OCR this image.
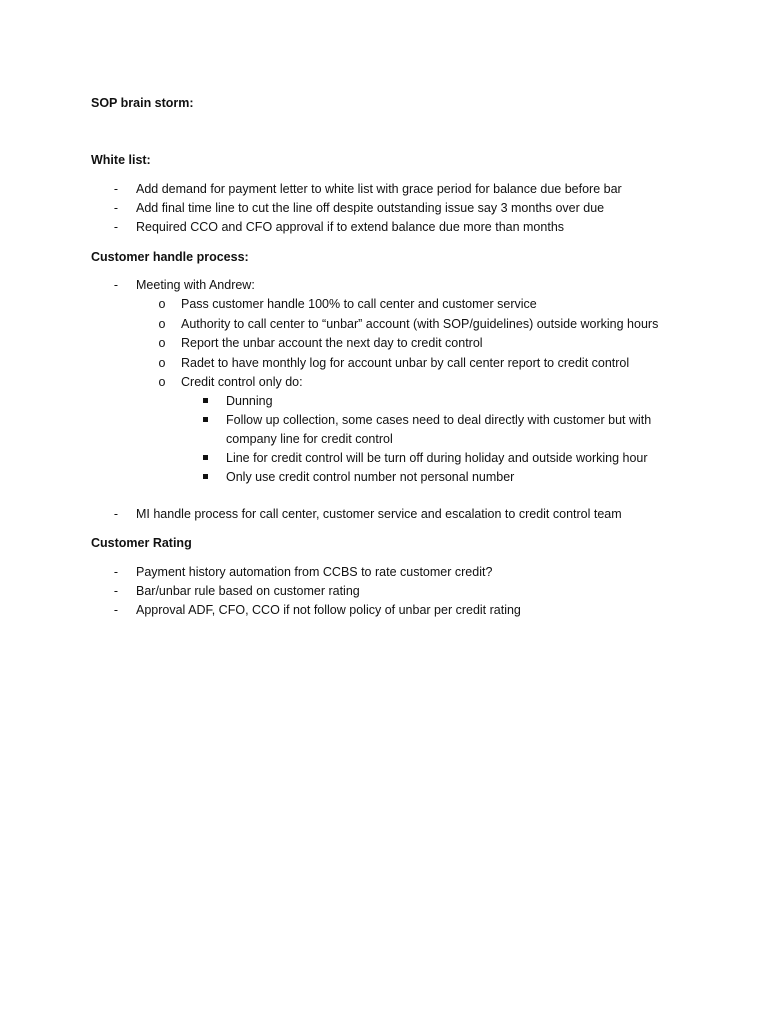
SOP brain storm:
White list:
-	Add demand for payment letter to white list with grace period for balance due before bar
-	Add final time line to cut the line off despite outstanding issue say 3 months over due
-	Required CCO and CFO approval if to extend balance due more than months
Customer handle process:
-	Meeting with Andrew:
o Pass customer handle 100% to call center and customer service
o Authority to call center to “unbar” account (with SOP/guidelines) outside working hours
o Report the unbar account the next day to credit control
o Radet to have monthly log for account unbar by call center report to credit control
o Credit control only do:
Dunning
Follow up collection, some cases need to deal directly with customer but with
company line for credit control
Line for credit control will be turn off during holiday and outside working hour
Only use credit control number not personal number
-	MI handle process for call center, customer service and escalation to credit control team
Customer Rating
-	Payment history automation from CCBS to rate customer credit?
-	Bar/unbar rule based on customer rating
-	Approval ADF, CFO, CCO if not follow policy of unbar per credit rating
